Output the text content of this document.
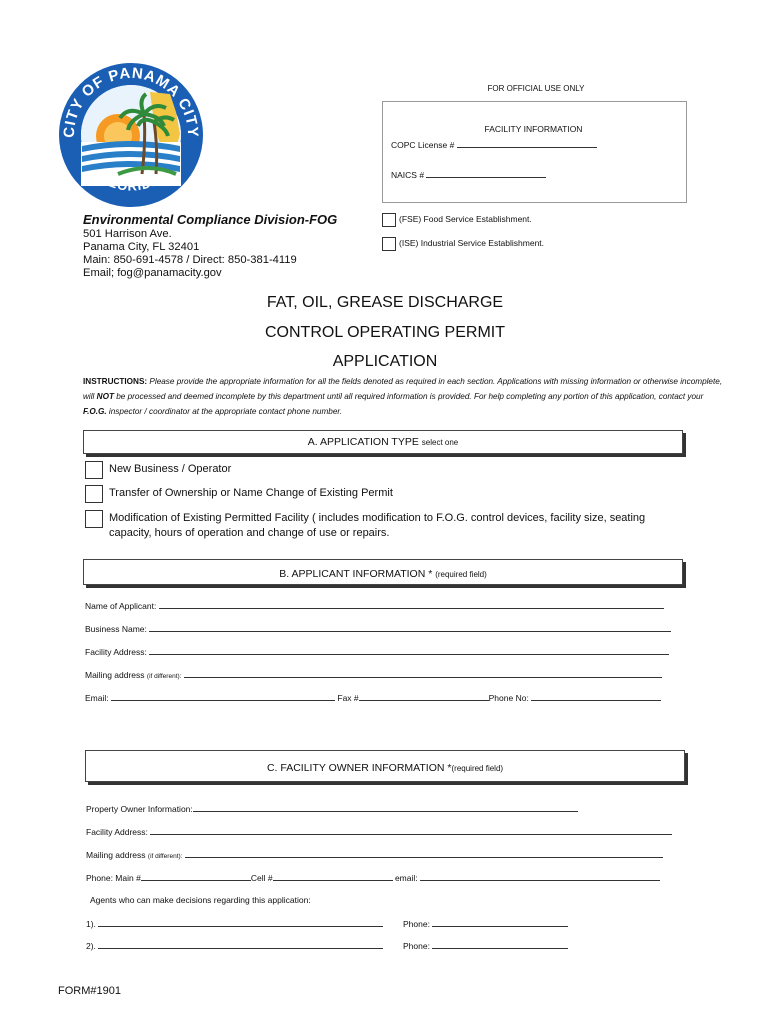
CITY OF PANAMA CITY
FLORIDA
FOR OFFICIAL USE ONLY
FACILITY INFORMATION
COPC License #
NAICS #
(FSE) Food Service Establishment.
(ISE) Industrial Service Establishment.
Environmental Compliance Division-FOG
501 Harrison Ave.
Panama City, FL 32401
Main: 850-691-4578 / Direct: 850-381-4119
Email; fog@panamacity.gov
FAT, OIL, GREASE DISCHARGE
CONTROL OPERATING PERMIT
APPLICATION
INSTRUCTIONS: Please provide the appropriate information for all the fields denoted as required in each section. Applications with missing information or otherwise incomplete, will NOT be processed and deemed incomplete by this department until all required information is provided. For help completing any portion of this application, contact your F.O.G. inspector / coordinator at the appropriate contact phone number.
A. APPLICATION TYPE select one
New Business / Operator
Transfer of Ownership or Name Change of Existing Permit
Modification of Existing Permitted Facility ( includes modification to F.O.G. control devices, facility size, seating capacity, hours of operation and change of use or repairs.
B. APPLICANT INFORMATION * (required field)
Name of Applicant:
Business Name:
Facility Address:
Mailing address (if different):
Email:	Fax #	Phone No:
C. FACILITY OWNER INFORMATION *(required field)
Property Owner Information:
Facility Address:
Mailing address (if different):
Phone: Main #	Cell #	email:
Agents who can make decisions regarding this application:
1).	Phone:
2).	Phone:
FORM#1901
